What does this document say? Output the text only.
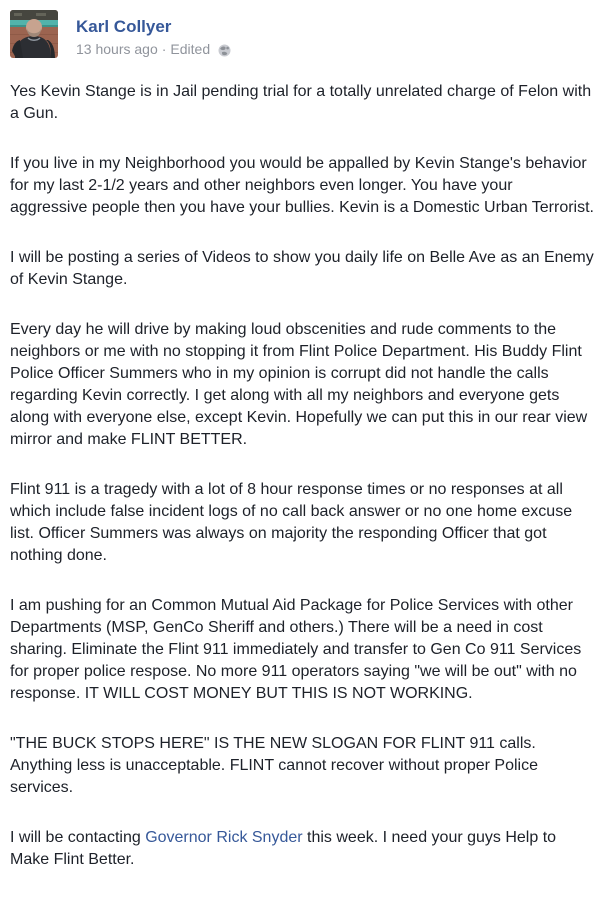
Karl Collyer
13 hours ago · Edited

Yes Kevin Stange is in Jail pending trial for a totally unrelated charge of Felon with a Gun.

If you live in my Neighborhood you would be appalled by Kevin Stange's behavior for my last 2-1/2 years and other neighbors even longer. You have your aggressive people then you have your bullies. Kevin is a Domestic Urban Terrorist.

I will be posting a series of Videos to show you daily life on Belle Ave as an Enemy of Kevin Stange.

Every day he will drive by making loud obscenities and rude comments to the neighbors or me with no stopping it from Flint Police Department. His Buddy Flint Police Officer Summers who in my opinion is corrupt did not handle the calls regarding Kevin correctly. I get along with all my neighbors and everyone gets along with everyone else, except Kevin. Hopefully we can put this in our rear view mirror and make FLINT BETTER.

Flint 911 is a tragedy with a lot of 8 hour response times or no responses at all which include false incident logs of no call back answer or no one home excuse list. Officer Summers was always on majority the responding Officer that got nothing done.

I am pushing for an Common Mutual Aid Package for Police Services with other Departments (MSP, GenCo Sheriff and others.) There will be a need in cost sharing. Eliminate the Flint 911 immediately and transfer to Gen Co 911 Services for proper police respose. No more 911 operators saying "we will be out" with no response. IT WILL COST MONEY BUT THIS IS NOT WORKING.

"THE BUCK STOPS HERE" IS THE NEW SLOGAN FOR FLINT 911 calls. Anything less is unacceptable. FLINT cannot recover without proper Police services.

I will be contacting Governor Rick Snyder this week. I need your guys Help to Make Flint Better.
